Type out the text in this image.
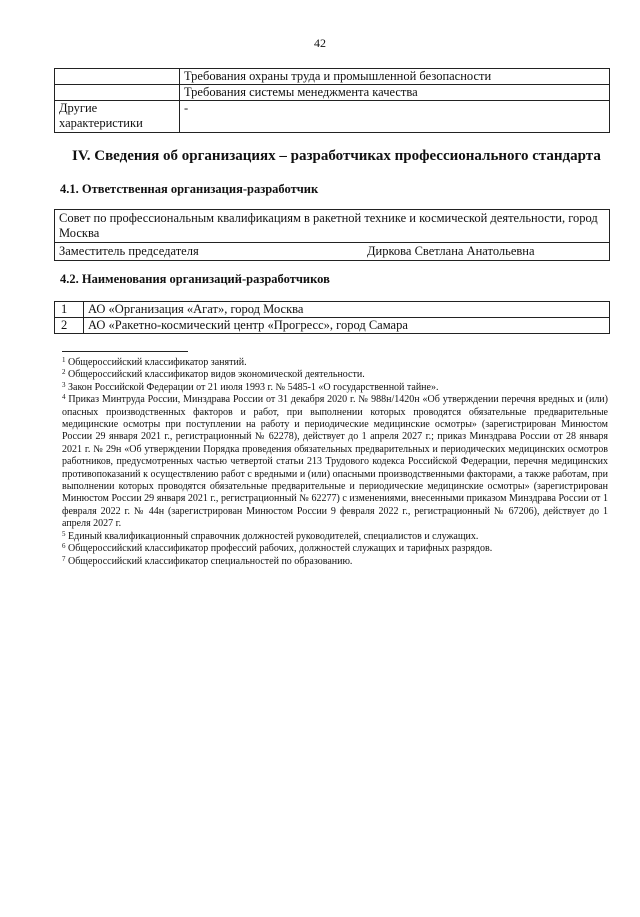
42
	Требования охраны труда и промышленной безопасности
	Требования системы менеджмента качества
Другие характеристики	-
IV. Сведения об организациях – разработчиках профессионального стандарта
4.1. Ответственная организация-разработчик
Совет по профессиональным квалификациям в ракетной технике и космической деятельности, город Москва

Заместитель председателя	Диркова Светлана Анатольевна
4.2. Наименования организаций-разработчиков
1	АО «Организация «Агат», город Москва
2	АО «Ракетно-космический центр «Прогресс», город Самара

$^1$ Общероссийский классификатор занятий.

$^2$ Общероссийский классификатор видов экономической деятельности.

$^3$ Закон Российской Федерации от 21 июля 1993 г. № 5485-1 «О государственной тайне».

$^4$ Приказ Минтруда России, Минздрава России от 31 декабря 2020 г. № 988н/1420н «Об утверждении перечня вредных и (или) опасных производственных факторов и работ, при выполнении которых проводятся обязательные предварительные медицинские осмотры при поступлении на работу и периодические медицинские осмотры» (зарегистрирован Минюстом России 29 января 2021 г., регистрационный № 62278), действует до 1 апреля 2027 г.; приказ Минздрава России от 28 января 2021 г. № 29н «Об утверждении Порядка проведения обязательных предварительных и периодических медицинских осмотров работников, предусмотренных частью четвертой статьи 213 Трудового кодекса Российской Федерации, перечня медицинских противопоказаний к осуществлению работ с вредными и (или) опасными производственными факторами, а также работам, при выполнении которых проводятся обязательные предварительные и периодические медицинские осмотры» (зарегистрирован Минюстом России 29 января 2021 г., регистрационный № 62277) с изменениями, внесенными приказом Минздрава России от 1 февраля 2022 г. № 44н (зарегистрирован Минюстом России 9 февраля 2022 г., регистрационный № 67206), действует до 1 апреля 2027 г.

$^5$ Единый квалификационный справочник должностей руководителей, специалистов и служащих.

$^6$ Общероссийский классификатор профессий рабочих, должностей служащих и тарифных разрядов.

$^7$ Общероссийский классификатор специальностей по образованию.
